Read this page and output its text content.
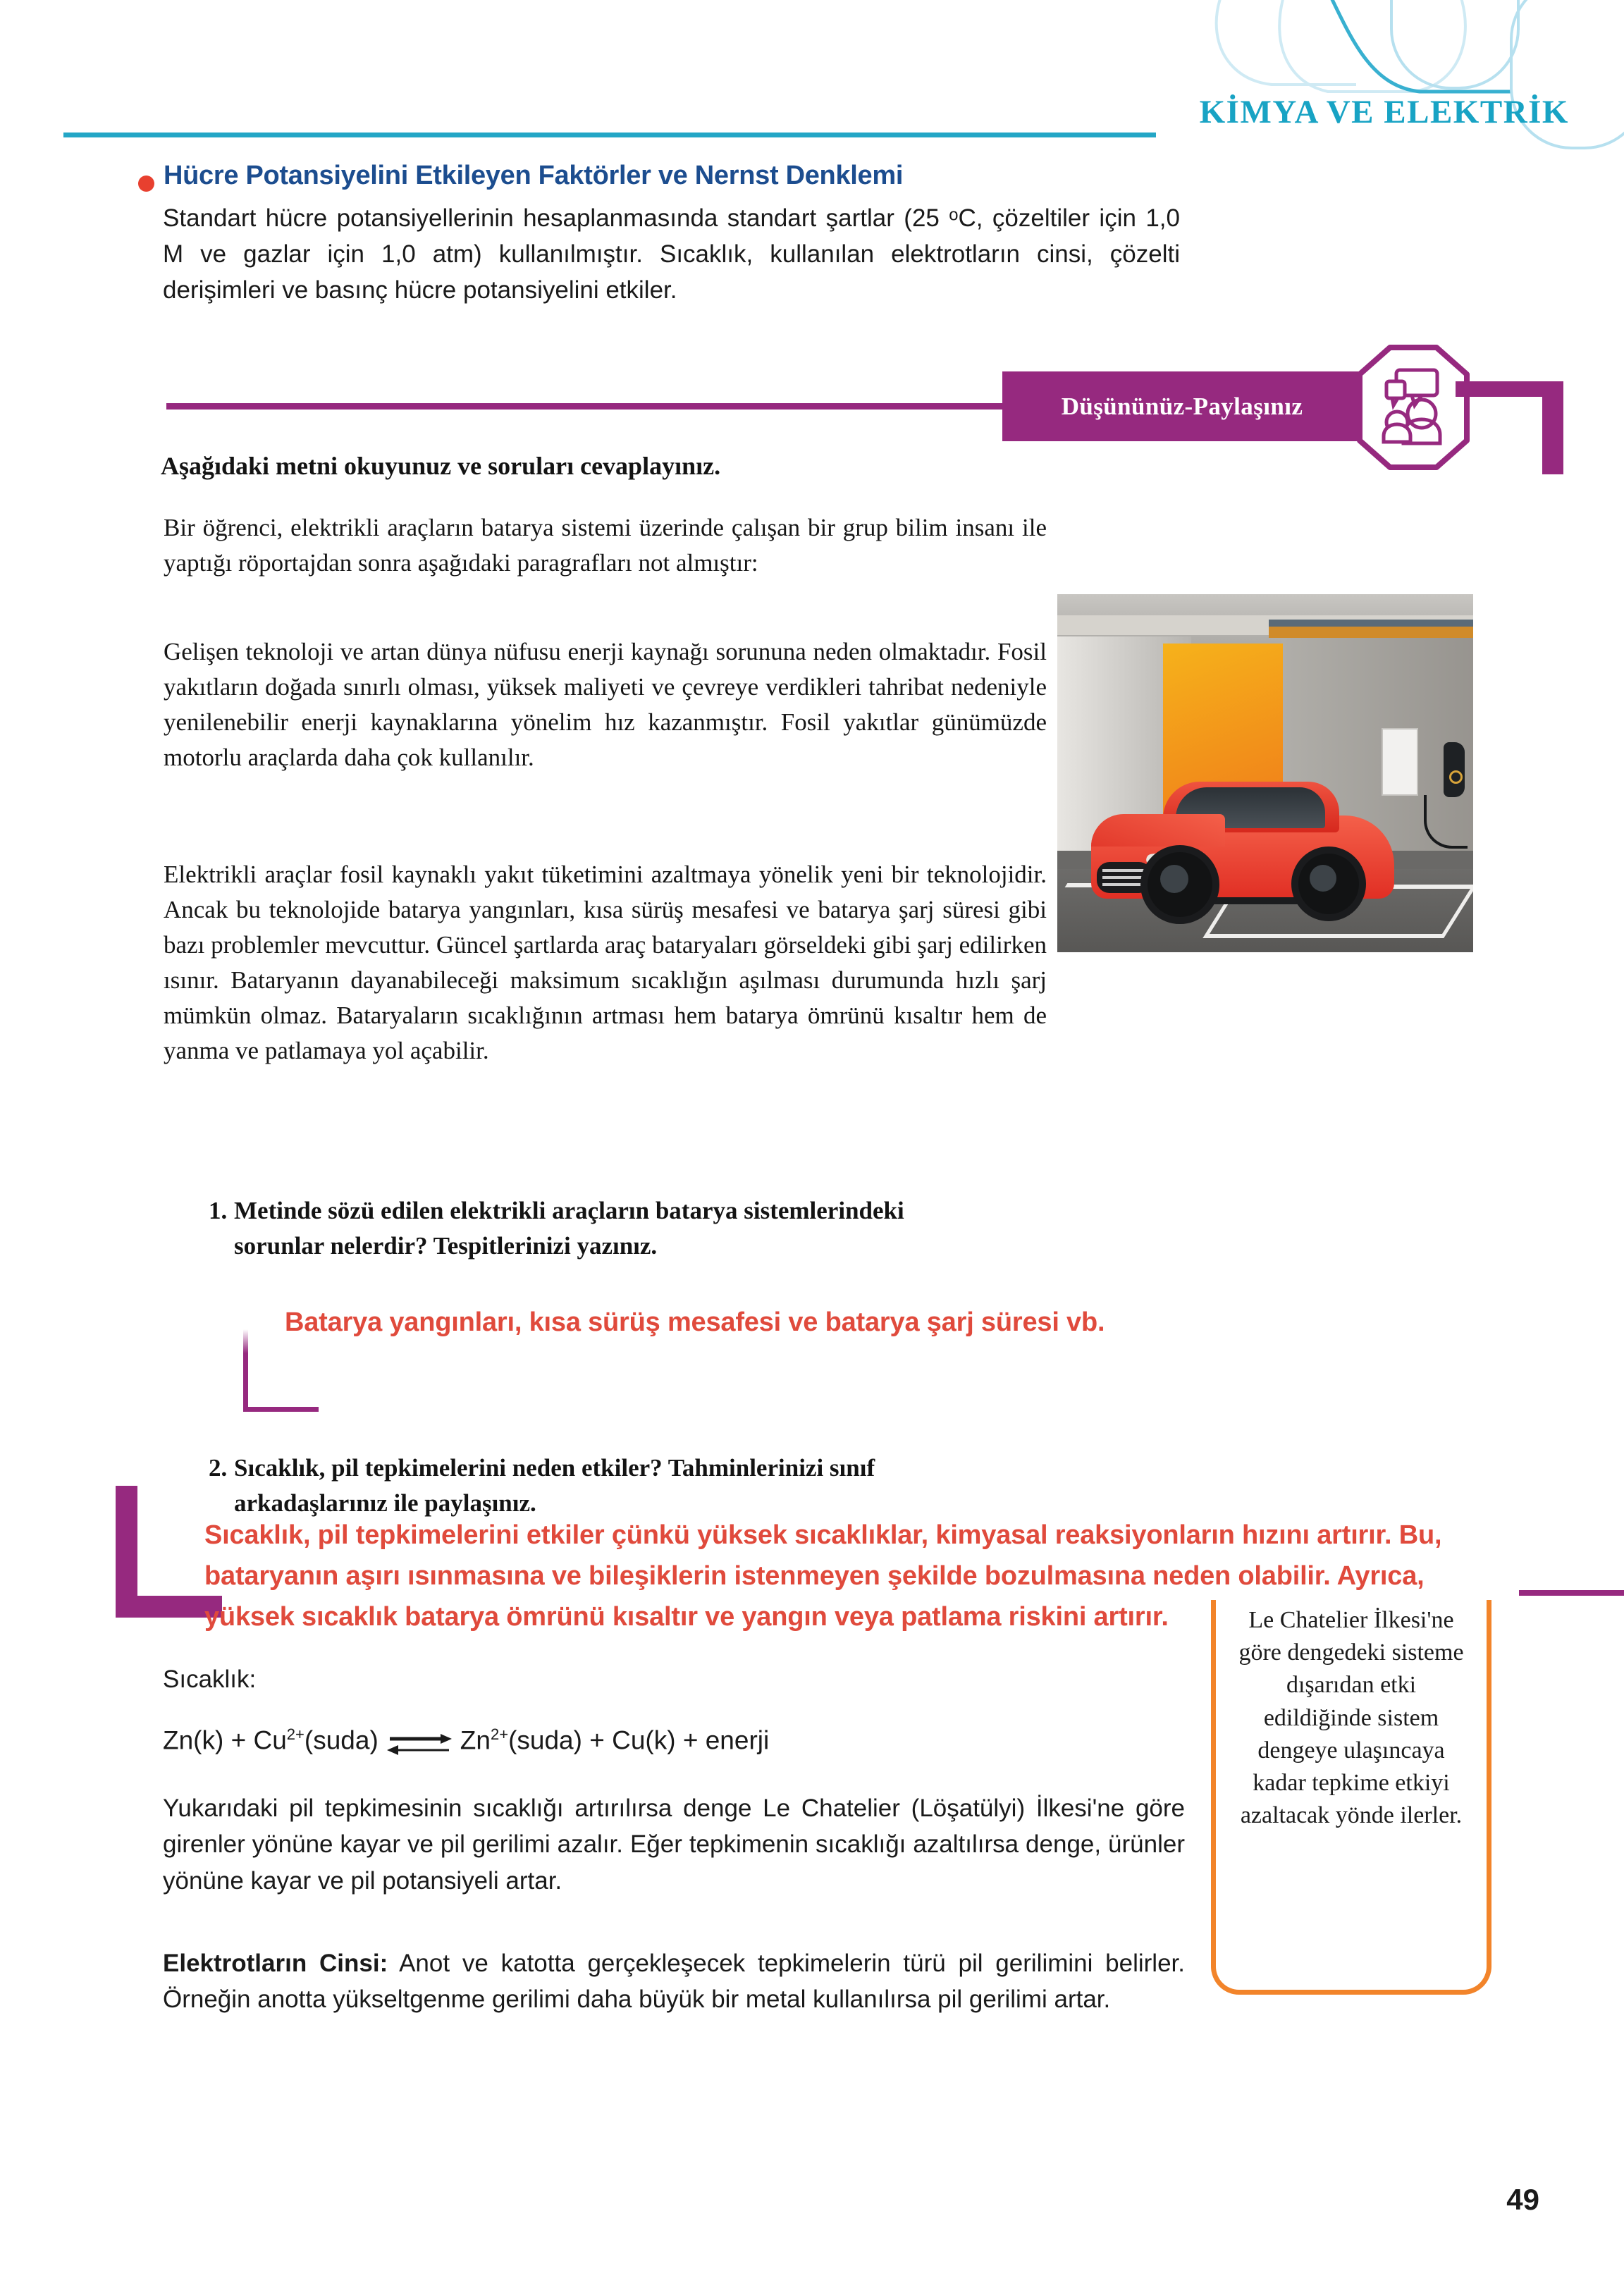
KİMYA VE ELEKTRİK
Hücre Potansiyelini Etkileyen Faktörler ve Nernst Denklemi
Standart hücre potansiyellerinin hesaplanmasında standart şartlar (25 ᵒC, çözeltiler için 1,0 M ve gazlar için 1,0 atm) kullanılmıştır. Sıcaklık, kullanılan elektrotların cinsi, çözelti derişimleri ve basınç hücre potansiyelini etkiler.
Düşününüz-Paylaşınız
Aşağıdaki metni okuyunuz ve soruları cevaplayınız.
Bir öğrenci, elektrikli araçların batarya sistemi üzerinde çalışan bir grup bilim insanı ile yaptığı röportajdan sonra aşağıdaki paragrafları not almıştır:
Gelişen teknoloji ve artan dünya nüfusu enerji kaynağı sorununa neden olmaktadır. Fosil yakıtların doğada sınırlı olması, yüksek maliyeti ve çevreye verdikleri tahribat nedeniyle yenilenebilir enerji kaynaklarına yönelim hız kazanmıştır. Fosil yakıtlar günümüzde motorlu araçlarda daha çok kullanılır.
Elektrikli araçlar fosil kaynaklı yakıt tüketimini azaltmaya yönelik yeni bir teknolojidir. Ancak bu teknolojide batarya yangınları, kısa sürüş mesafesi ve batarya şarj süresi gibi bazı problemler mevcuttur. Güncel şartlarda araç bataryaları görseldeki gibi şarj edilirken ısınır. Bataryanın dayanabileceği maksimum sıcaklığın aşılması durumunda hızlı şarj mümkün olmaz. Bataryaların sıcaklığının artması hem batarya ömrünü kısaltır hem de yanma ve patlamaya yol açabilir.
1. Metinde sözü edilen elektrikli araçların batarya sistemlerindeki
sorunlar nelerdir? Tespitlerinizi yazınız.
Batarya yangınları, kısa sürüş mesafesi ve batarya şarj süresi vb.
2. Sıcaklık, pil tepkimelerini neden etkiler? Tahminlerinizi sınıf
arkadaşlarınız ile paylaşınız.
Sıcaklık:
$Zn(k) + Cu^{2+}(suda)$ ⇌ $Zn^{2+}(suda) + Cu(k)$ + enerji
Sıcaklık, pil tepkimelerini etkiler çünkü yüksek sıcaklıklar, kimyasal reaksiyonların hızını artırır. Bu, bataryanın aşırı ısınmasına ve bileşiklerin istenmeyen şekilde bozulmasına neden olabilir. Ayrıca, yüksek sıcaklık batarya ömrünü kısaltır ve yangın veya patlama riskini artırır.
Yukarıdaki pil tepkimesinin sıcaklığı artırılırsa denge Le Chatelier (Löşatülyi) İlkesi'ne göre girenler yönüne kayar ve pil gerilimi azalır. Eğer tepkimenin sıcaklığı azaltılırsa denge, ürünler yönüne kayar ve pil potansiyeli artar.
Elektrotların Cinsi: Anot ve katotta gerçekleşecek tepkimelerin türü pil gerilimini belirler. Örneğin anotta yükseltgenme gerilimi daha büyük bir metal kullanılırsa pil gerilimi artar.

Le Chatelier İlkesi'ne göre dengedeki sisteme dışarıdan etki edildiğinde sistem dengeye ulaşıncaya kadar tepkime etkiyi azaltacak yönde ilerler.

49
